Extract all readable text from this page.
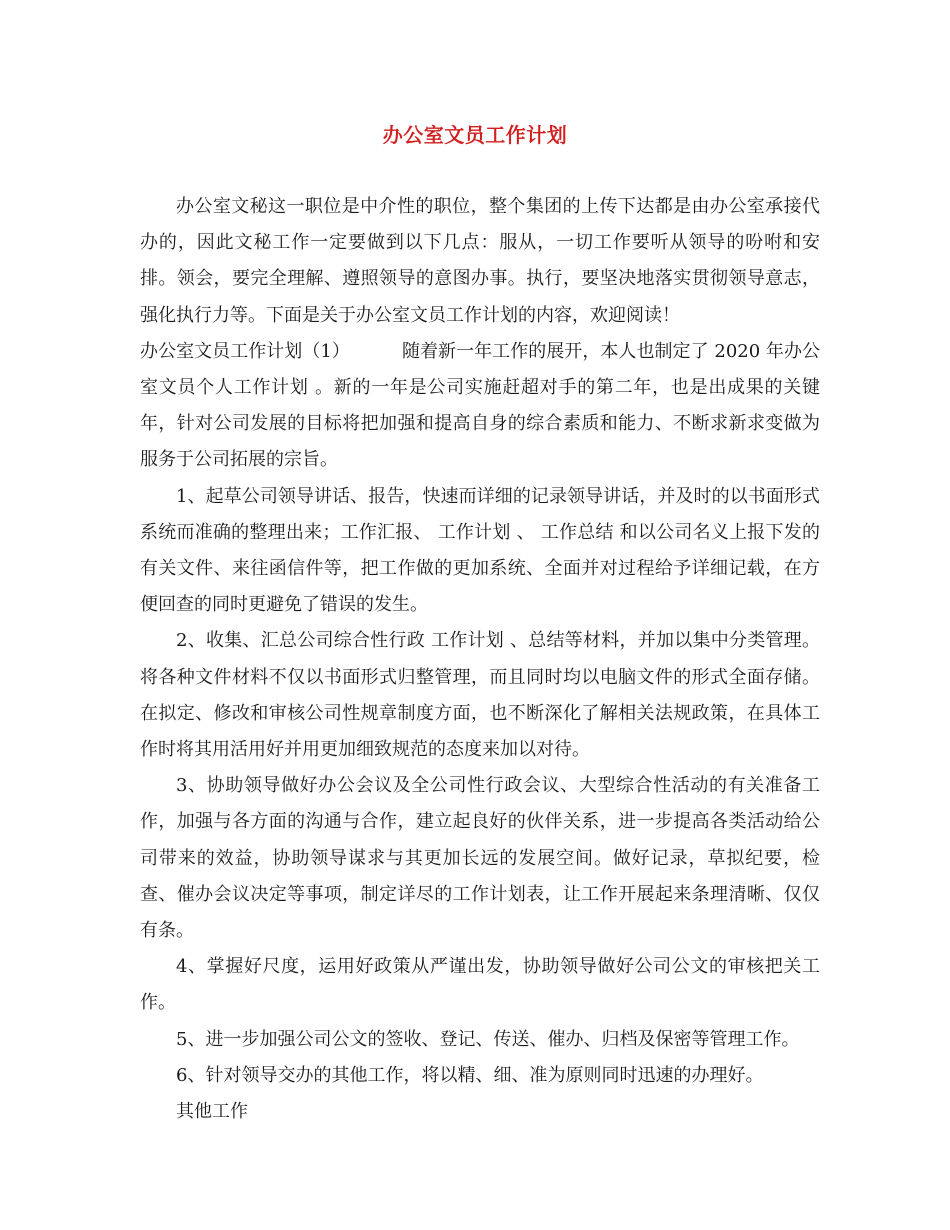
办公室文员工作计划

办公室文秘这一职位是中介性的职位，整个集团的上传下达都是由办公室承接代办的，因此文秘工作一定要做到以下几点：服从，一切工作要听从领导的吩咐和安排。领会，要完全理解、遵照领导的意图办事。执行，要坚决地落实贯彻领导意志，强化执行力等。下面是关于办公室文员工作计划的内容，欢迎阅读！

办公室文员工作计划（1）	随着新一年工作的展开，本人也制定了 2020 年办公室文员个人工作计划 。新的一年是公司实施赶超对手的第二年，也是出成果的关键年，针对公司发展的目标将把加强和提高自身的综合素质和能力、不断求新求变做为服务于公司拓展的宗旨。

1、起草公司领导讲话、报告，快速而详细的记录领导讲话，并及时的以书面形式系统而准确的整理出来；工作汇报、 工作计划 、 工作总结 和以公司名义上报下发的有关文件、来往函信件等，把工作做的更加系统、全面并对过程给予详细记载，在方便回查的同时更避免了错误的发生。

2、收集、汇总公司综合性行政 工作计划 、总结等材料，并加以集中分类管理。将各种文件材料不仅以书面形式归整管理，而且同时均以电脑文件的形式全面存储。在拟定、修改和审核公司性规章制度方面，也不断深化了解相关法规政策，在具体工作时将其用活用好并用更加细致规范的态度来加以对待。

3、协助领导做好办公会议及全公司性行政会议、大型综合性活动的有关准备工作，加强与各方面的沟通与合作，建立起良好的伙伴关系，进一步提高各类活动给公司带来的效益，协助领导谋求与其更加长远的发展空间。做好记录，草拟纪要，检查、催办会议决定等事项，制定详尽的工作计划表，让工作开展起来条理清晰、仅仅有条。

4、掌握好尺度，运用好政策从严谨出发，协助领导做好公司公文的审核把关工作。

5、进一步加强公司公文的签收、登记、传送、催办、归档及保密等管理工作。

6、针对领导交办的其他工作，将以精、细、准为原则同时迅速的办理好。

其他工作
